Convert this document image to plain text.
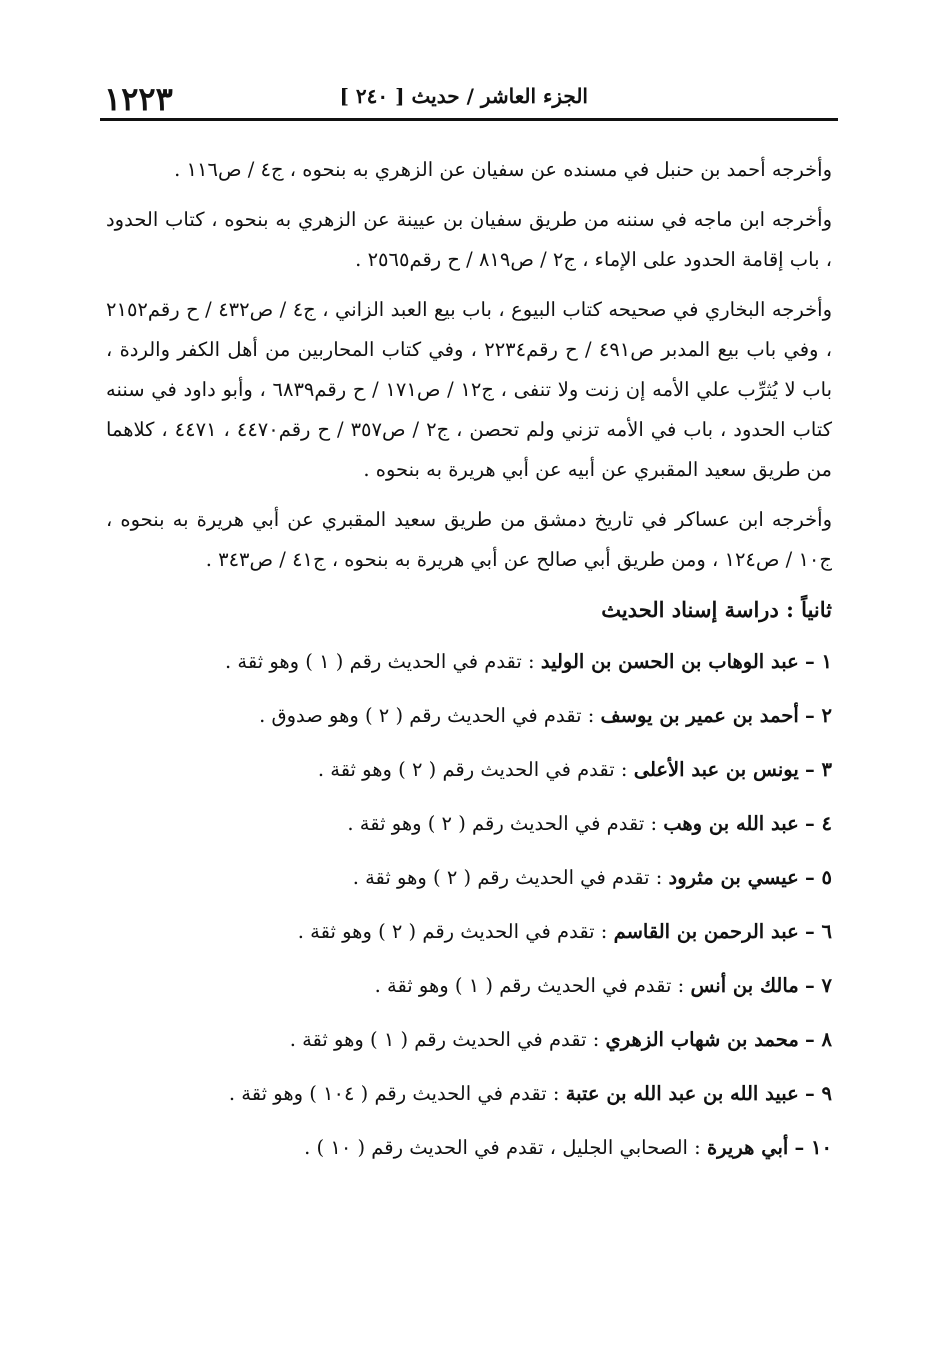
١٢٢٣	الجزء العاشر / حديث [ ٢٤٠ ]

وأخرجه أحمد بن حنبل في مسنده عن سفيان عن الزهري به بنحوه ، ج٤ / ص١١٦ .

وأخرجه ابن ماجه في سننه من طريق سفيان بن عيينة عن الزهري به بنحوه ، كتاب الحدود ، باب إقامة الحدود على الإماء ، ج٢ / ص٨١٩ / ح رقم٢٥٦٥ .

وأخرجه البخاري في صحيحه كتاب البيوع ، باب بيع العبد الزاني ، ج٤ / ص٤٣٢ / ح رقم٢١٥٢ ، وفي باب بيع المدبر ص٤٩١ / ح رقم٢٢٣٤ ، وفي كتاب المحاربين من أهل الكفر والردة ، باب لا يُثرِّب علي الأمه إن زنت ولا تنفى ، ج١٢ / ص١٧١ / ح رقم٦٨٣٩ ، وأبو داود في سننه كتاب الحدود ، باب في الأمه تزني ولم تحصن ، ج٢ / ص٣٥٧ / ح رقم٤٤٧٠ ، ٤٤٧١ ، كلاهما من طريق سعيد المقبري عن أبيه عن أبي هريرة به بنحوه .

وأخرجه ابن عساكر في تاريخ دمشق من طريق سعيد المقبري عن أبي هريرة به بنحوه ، ج١٠ / ص١٢٤ ، ومن طريق أبي صالح عن أبي هريرة به بنحوه ، ج٤١ / ص٣٤٣ .

ثانياً : دراسة إسناد الحديث
١ – عبد الوهاب بن الحسن بن الوليد : تقدم في الحديث رقم ( ١ ) وهو ثقة .
٢ – أحمد بن عمير بن يوسف : تقدم في الحديث رقم ( ٢ ) وهو صدوق .
٣ – يونس بن عبد الأعلى : تقدم في الحديث رقم ( ٢ ) وهو ثقة .
٤ – عبد الله بن وهب : تقدم في الحديث رقم ( ٢ ) وهو ثقة .
٥ – عيسي بن مثرود : تقدم في الحديث رقم ( ٢ ) وهو ثقة .
٦ – عبد الرحمن بن القاسم : تقدم في الحديث رقم ( ٢ ) وهو ثقة .
٧ – مالك بن أنس : تقدم في الحديث رقم ( ١ ) وهو ثقة .
٨ – محمد بن شهاب الزهري : تقدم في الحديث رقم ( ١ ) وهو ثقة .
٩ – عبيد الله بن عبد الله بن عتبة : تقدم في الحديث رقم ( ١٠٤ ) وهو ثقة .
١٠ – أبي هريرة : الصحابي الجليل ، تقدم في الحديث رقم ( ١٠ ) .
